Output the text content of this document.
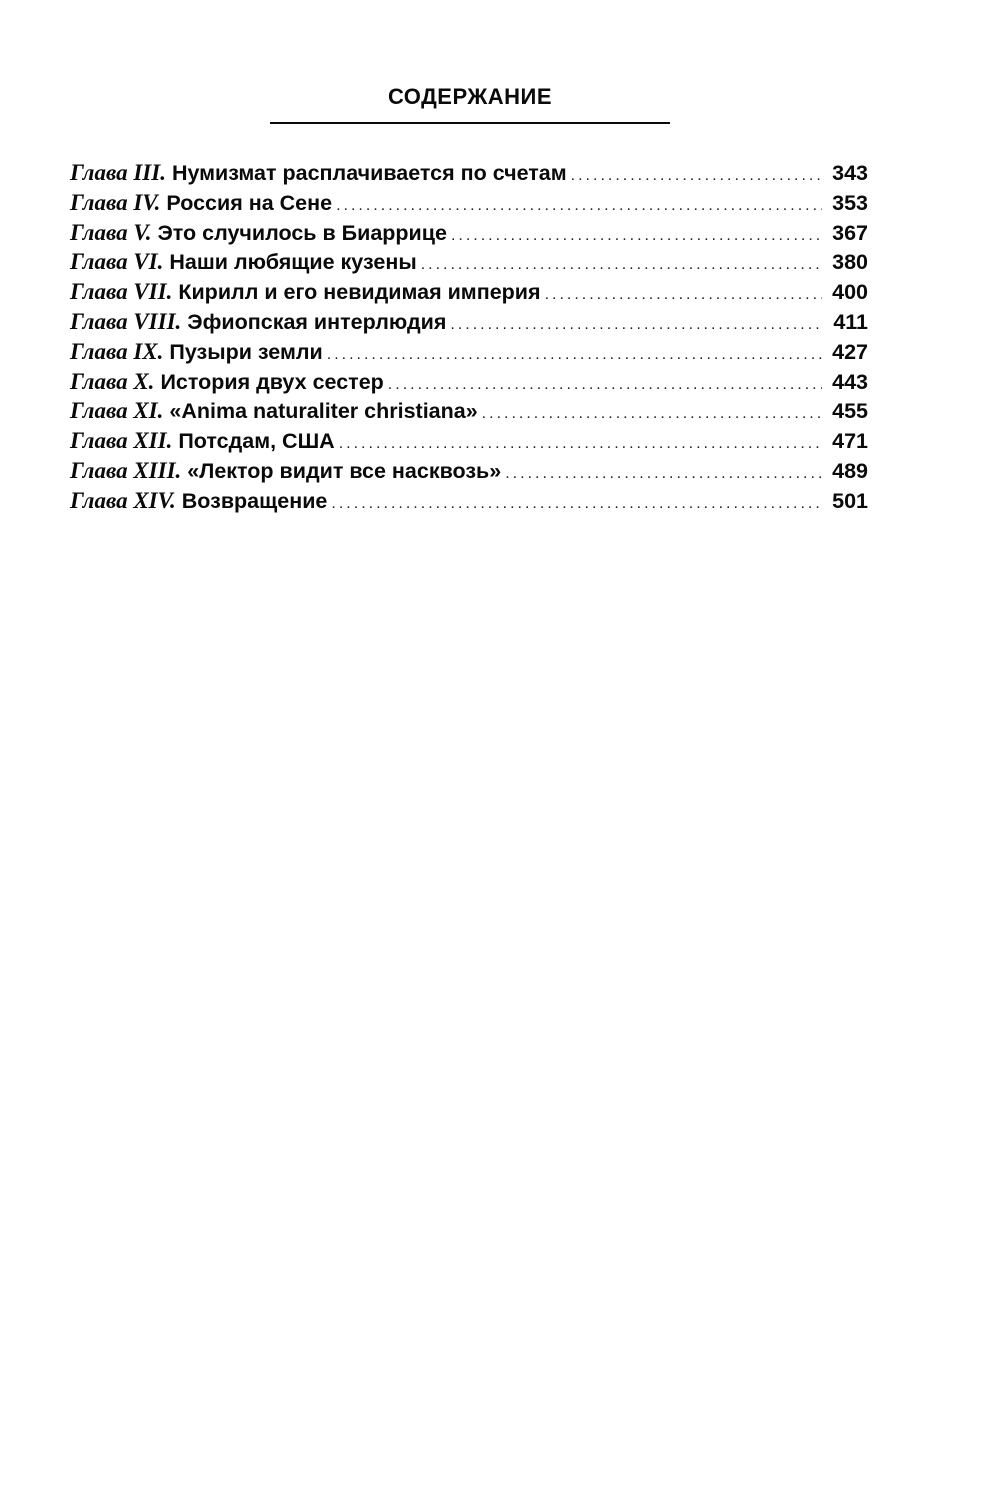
СОДЕРЖАНИЕ
Глава III. Нумизмат расплачивается по счетам .....	343
Глава IV. Россия на Сене .....	353
Глава V. Это случилось в Биаррице .....	367
Глава VI. Наши любящие кузены .....	380
Глава VII. Кирилл и его невидимая империя .....	400
Глава VIII. Эфиопская интерлюдия .....	411
Глава IX. Пузыри земли .....	427
Глава X. История двух сестер .....	443
Глава XI. «Anima naturaliter christiana» .....	455
Глава XII. Потсдам, США .....	471
Глава XIII. «Лектор видит все насквозь» .....	489
Глава XIV. Возвращение .....	501
